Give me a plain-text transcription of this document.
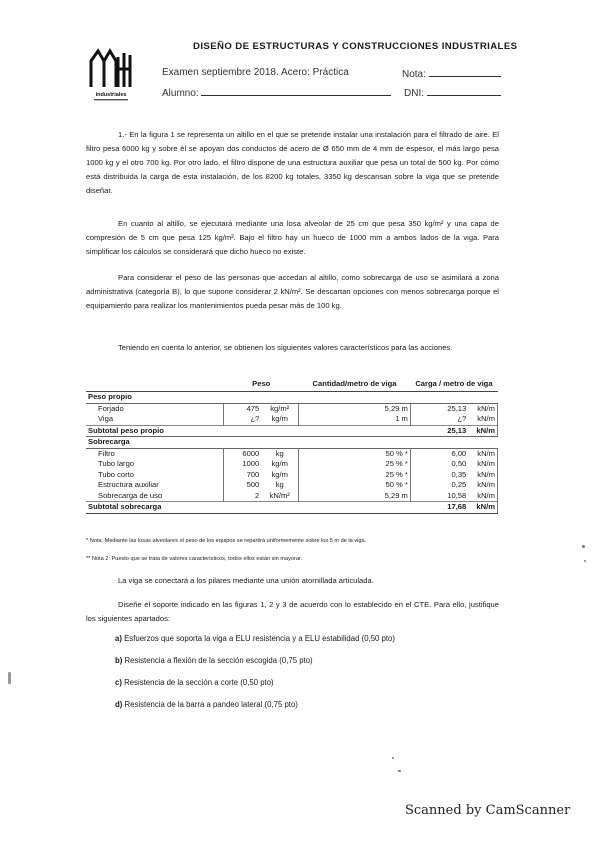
industriales
DISEÑO DE ESTRUCTURAS Y CONSTRUCCIONES INDUSTRIALES
Examen septiembre 2018. Acero: Práctica	Nota:
Alumno:	DNI:

1.- En la figura 1 se representa un altillo en el que se pretende instalar una instalación para el filtrado de aire. El filtro pesa 6000 kg y sobre él se apoyan dos conductos de acero de Ø 650 mm de 4 mm de espesor, el más largo pesa 1000 kg y el otro 700 kg. Por otro lado, el filtro dispone de una estructura auxiliar que pesa un total de 500 kg. Por cómo está distribuida la carga de esta instalación, de los 8200 kg totales, 3350 kg descansan sobre la viga que se pretende diseñar.

En cuanto al altillo, se ejecutará mediante una losa alveolar de 25 cm que pesa 350 kg/m² y una capa de compresión de 5 cm que pesa 125 kg/m². Bajo el filtro hay un hueco de 1000 mm a ambos lados de la viga. Para simplificar los cálculos se considerará que dicho hueco no existe.

Para considerar el peso de las personas que accedan al altillo, como sobrecarga de uso se asimilará a zona administrativa (categoría B), lo que supone considerar 2 kN/m². Se descartan opciones con menos sobrecarga porque el equipamiento para realizar los mantenimientos pueda pesar más de 100 kg.

Teniendo en cuenta lo anterior, se obtienen los siguientes valores característicos para las acciones.

	Peso		Cantidad/metro de viga	Carga / metro de viga	
Peso propio					
Forjado	475	kg/m²	5,29 m	25,13	kN/m
Viga	¿?	kg/m	1 m	¿?	kN/m
Subtotal peso propio				25,13	kN/m
Sobrecarga					
Filtro	6000	kg	50 % *	6,00	kN/m
Tubo largo	1000	kg/m	25 % *	0,50	kN/m
Tubo corto	700	kg/m	25 % *	0,35	kN/m
Estructura auxiliar	500	kg	50 % *	0,25	kN/m
Sobrecarga de uso	2	kN/m²	5,29 m	10,58	kN/m
Subtotal sobrecarga				17,68	kN/m
* Nota: Mediante las losas alveolares el peso de los equipos se repartirá uniformemente sobre los 5 m de la viga.
** Nota 2: Puesto que se trata de valores característicos, todos ellos están sin mayorar.

La viga se conectará a los pilares mediante una unión atornillada articulada.

Diseñe el soporte indicado en las figuras 1, 2 y 3 de acuerdo con lo establecido en el CTE. Para ello, justifique los siguientes apartados:

a) Esfuerzos que soporta la viga a ELU resistencia y a ELU estabilidad (0,50 pto)
b) Resistencia a flexión de la sección escogida (0,75 pto)
c) Resistencia de la sección a corte (0,50 pto)
d) Resistencia de la barra a pandeo lateral (0,75 pto)
Scanned by CamScanner
